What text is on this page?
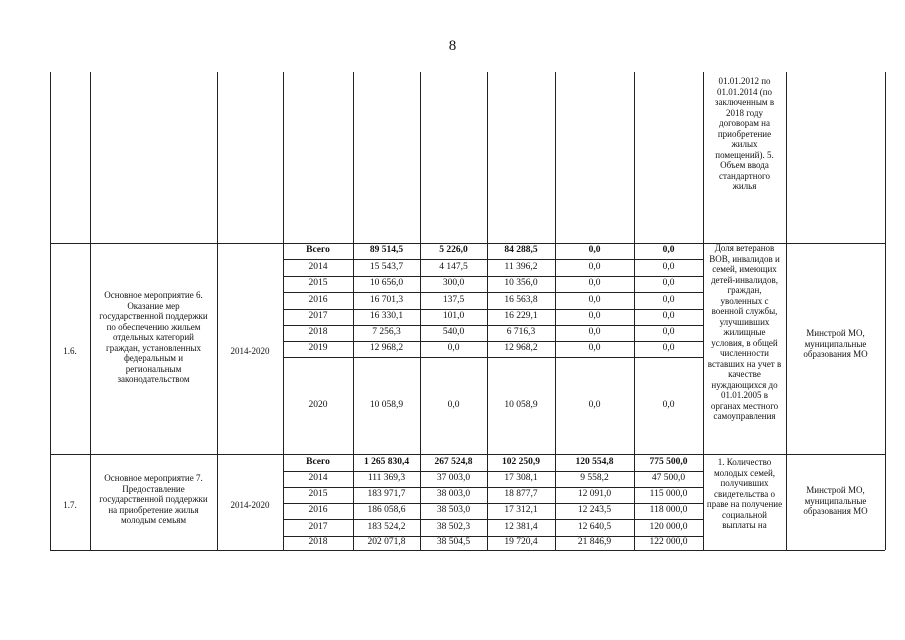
8
01.01.2012 по 01.01.2014 (по заключенным в 2018 году договорам на приобретение жилых помещений). 5. Объем ввода стандартного жилья
Всего	89 514,5	5 226,0	84 288,5	0,0	0,0
2014	15 543,7	4 147,5	11 396,2	0,0	0,0
2015	10 656,0	300,0	10 356,0	0,0	0,0
2016	16 701,3	137,5	16 563,8	0,0	0,0
2017	16 330,1	101,0	16 229,1	0,0	0,0
2018	7 256,3	540,0	6 716,3	0,0	0,0
2019	12 968,2	0,0	12 968,2	0,0	0,0
2020	10 058,9	0,0	10 058,9	0,0	0,0
1.6.
Основное мероприятие 6. Оказание мер государственной поддержки по обеспечению жильем отдельных категорий граждан, установленных федеральным и региональным законодательством
2014-2020
Доля ветеранов ВОВ, инвалидов и семей, имеющих детей-инвалидов, граждан, уволенных с военной службы, улучшивших жилищные условия, в общей численности вставших на учет в качестве нуждающихся до 01.01.2005 в органах местного самоуправления
Минстрой МО, муниципальные образования МО
Всего	1 265 830,4	267 524,8	102 250,9	120 554,8	775 500,0
2014	111 369,3	37 003,0	17 308,1	9 558,2	47 500,0
2015	183 971,7	38 003,0	18 877,7	12 091,0	115 000,0
2016	186 058,6	38 503,0	17 312,1	12 243,5	118 000,0
2017	183 524,2	38 502,3	12 381,4	12 640,5	120 000,0
2018	202 071,8	38 504,5	19 720,4	21 846,9	122 000,0
1.7.
Основное мероприятие 7. Предоставление государственной поддержки на приобретение жилья молодым семьям
2014-2020
1. Количество молодых семей, получивших свидетельства о праве на получение социальной выплаты на
Минстрой МО, муниципальные образования МО
